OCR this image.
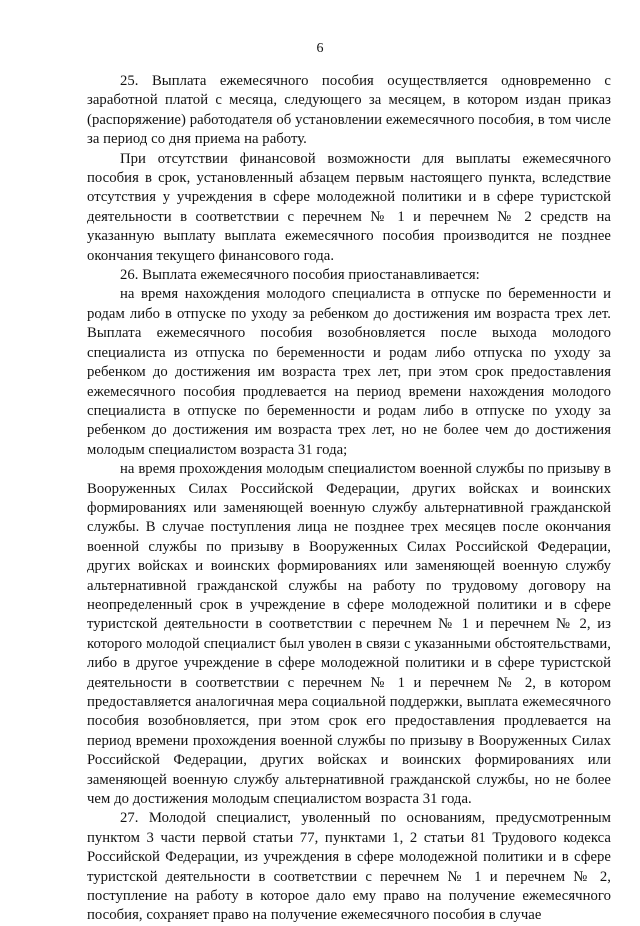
6

25. Выплата ежемесячного пособия осуществляется одновременно с заработной платой с месяца, следующего за месяцем, в котором издан приказ (распоряжение) работодателя об установлении ежемесячного пособия, в том числе за период со дня приема на работу.

При отсутствии финансовой возможности для выплаты ежемесячного пособия в срок, установленный абзацем первым настоящего пункта, вследствие отсутствия у учреждения в сфере молодежной политики и в сфере туристской деятельности в соответствии с перечнем № 1 и перечнем № 2 средств на указанную выплату выплата ежемесячного пособия производится не позднее окончания текущего финансового года.

26. Выплата ежемесячного пособия приостанавливается:

на время нахождения молодого специалиста в отпуске по беременности и родам либо в отпуске по уходу за ребенком до достижения им возраста трех лет. Выплата ежемесячного пособия возобновляется после выхода молодого специалиста из отпуска по беременности и родам либо отпуска по уходу за ребенком до достижения им возраста трех лет, при этом срок предоставления ежемесячного пособия продлевается на период времени нахождения молодого специалиста в отпуске по беременности и родам либо в отпуске по уходу за ребенком до достижения им возраста трех лет, но не более чем до достижения молодым специалистом возраста 31 года;

на время прохождения молодым специалистом военной службы по призыву в Вооруженных Силах Российской Федерации, других войсках и воинских формированиях или заменяющей военную службу альтернативной гражданской службы. В случае поступления лица не позднее трех месяцев после окончания военной службы по призыву в Вооруженных Силах Российской Федерации, других войсках и воинских формированиях или заменяющей военную службу альтернативной гражданской службы на работу по трудовому договору на неопределенный срок в учреждение в сфере молодежной политики и в сфере туристской деятельности в соответствии с перечнем № 1 и перечнем № 2, из которого молодой специалист был уволен в связи с указанными обстоятельствами, либо в другое учреждение в сфере молодежной политики и в сфере туристской деятельности в соответствии с перечнем № 1 и перечнем № 2, в котором предоставляется аналогичная мера социальной поддержки, выплата ежемесячного пособия возобновляется, при этом срок его предоставления продлевается на период времени прохождения военной службы по призыву в Вооруженных Силах Российской Федерации, других войсках и воинских формированиях или заменяющей военную службу альтернативной гражданской службы, но не более чем до достижения молодым специалистом возраста 31 года.

27. Молодой специалист, уволенный по основаниям, предусмотренным пунктом 3 части первой статьи 77, пунктами 1, 2 статьи 81 Трудового кодекса Российской Федерации, из учреждения в сфере молодежной политики и в сфере туристской деятельности в соответствии с перечнем № 1 и перечнем № 2, поступление на работу в которое дало ему право на получение ежемесячного пособия, сохраняет право на получение ежемесячного пособия в случае
